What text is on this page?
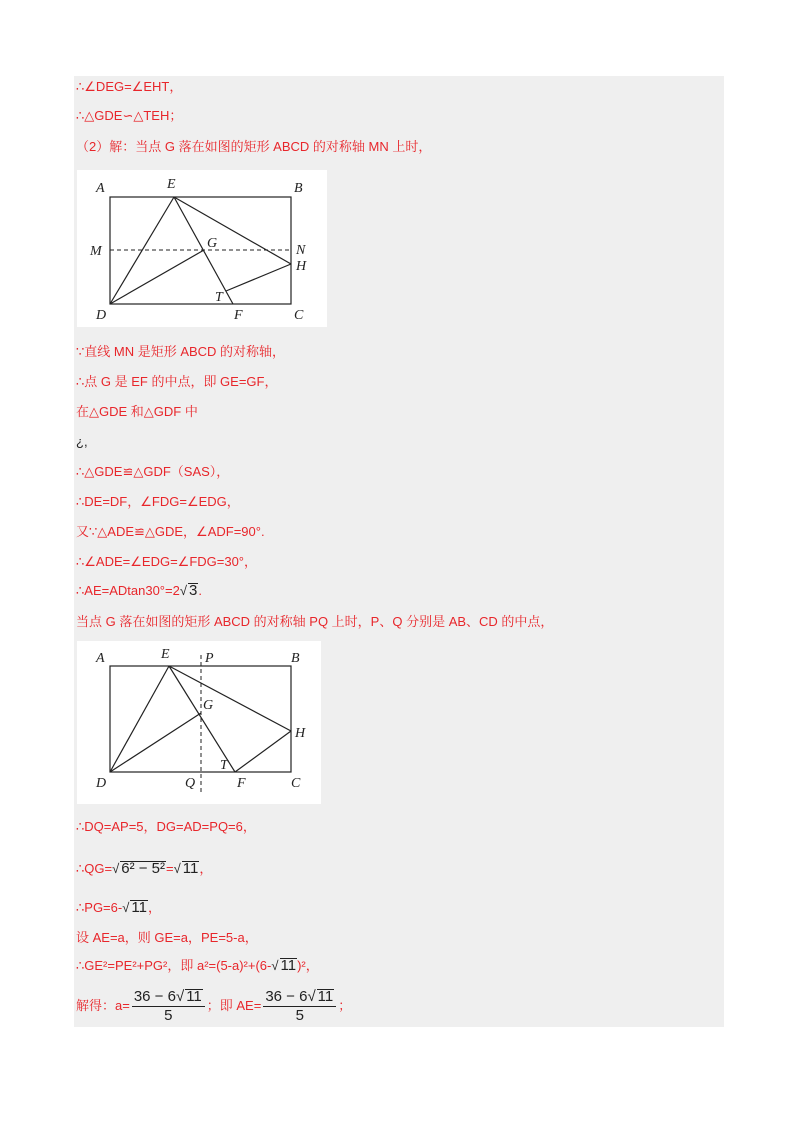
∴∠DEG=∠EHT，
∴△GDE∽△TEH；
（2）解：当点 G 落在如图的矩形 ABCD 的对称轴 MN 上时，
A	E	B
M
G	N
H
T
D	F	C
∵直线 MN 是矩形 ABCD 的对称轴，
∴点 G 是 EF 的中点，即 GE=GF，
在△GDE 和△GDF 中
¿,
∴△GDE≌△GDF（SAS），
∴DE=DF，∠FDG=∠EDG，
又∵△ADE≌△GDE，∠ADF=90°.
∴∠ADE=∠EDG=∠FDG=30°，
∴AE=ADtan30°=2√ 3.
当点 G 落在如图的矩形 ABCD 的对称轴 PQ 上时，P、Q 分别是 AB、CD 的中点，
A	E	P	B
G
H
T
D	Q	F	C
∴DQ=AP=5，DG=AD=PQ=6，
∴QG=√ 6² − 5²=√ 11，
∴PG=6-√ 11，
设 AE=a，则 GE=a，PE=5-a，
∴GE²=PE²+PG²，即 a²=(5-a)²+(6-√ 11)²，
解得：$a= \frac{36 - 6√ 11}{5}$ ；即 $AE= \frac{36 - 6√ 11}{5}$ ；
